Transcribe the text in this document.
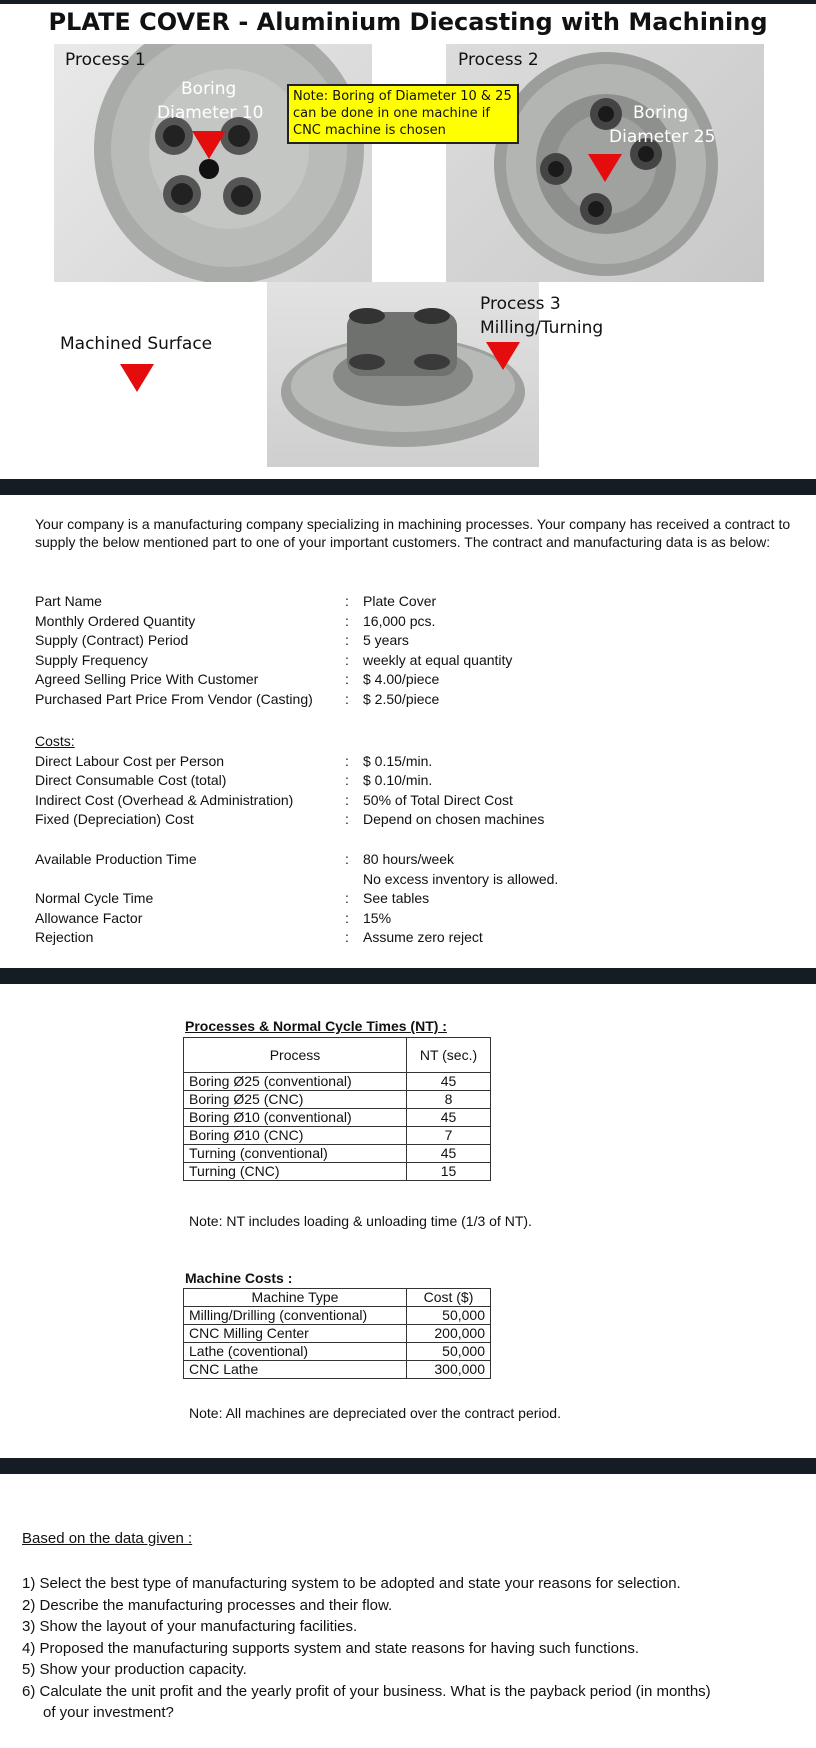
PLATE COVER - Aluminium Diecasting with Machining
Process 1	Process 2
Boring
Diameter 10	Boring
Diameter 25
Note: Boring of Diameter 10 & 25
can be done in one machine if
CNC machine is chosen
Process 3
Milling/Turning
Machined Surface
Your company is a manufacturing company specializing in machining processes. Your company has received a contract to supply the below mentioned part to one of your important customers. The contract and manufacturing data is as below:
Part Name	:	Plate Cover
Monthly Ordered Quantity	:	16,000 pcs.
Supply (Contract) Period	:	5 years
Supply Frequency	:	weekly at equal quantity
Agreed Selling Price With Customer	:	$ 4.00/piece
Purchased Part Price From Vendor (Casting)	:	$ 2.50/piece
Costs:
Direct Labour Cost per Person	:	$ 0.15/min.
Direct Consumable Cost (total)	:	$ 0.10/min.
Indirect Cost (Overhead & Administration)	:	50% of Total Direct Cost
Fixed (Depreciation) Cost	:	Depend on chosen machines
Available Production Time	:	80 hours/week
No excess inventory is allowed.
Normal Cycle Time	:	See tables
Allowance Factor	:	15%
Rejection	:	Assume zero reject
Processes & Normal Cycle Times (NT) :
Process	NT (sec.)
Boring Ø25 (conventional)	45
Boring Ø25 (CNC)	8
Boring Ø10 (conventional)	45
Boring Ø10 (CNC)	7
Turning (conventional)	45
Turning (CNC)	15
Note: NT includes loading & unloading time (1/3 of NT).
Machine Costs :
Machine Type	Cost ($)
Milling/Drilling (conventional)	50,000
CNC Milling Center	200,000
Lathe (coventional)	50,000
CNC Lathe	300,000
Note: All machines are depreciated over the contract period.
Based on the data given :
1) Select the best type of manufacturing system to be adopted and state your reasons for selection.
2) Describe the manufacturing processes and their flow.
3) Show the layout of your manufacturing facilities.
4) Proposed the manufacturing supports system and state reasons for having such functions.
5) Show your production capacity.
6) Calculate the unit profit and the yearly profit of your business. What is the payback period (in months)
of your investment?
